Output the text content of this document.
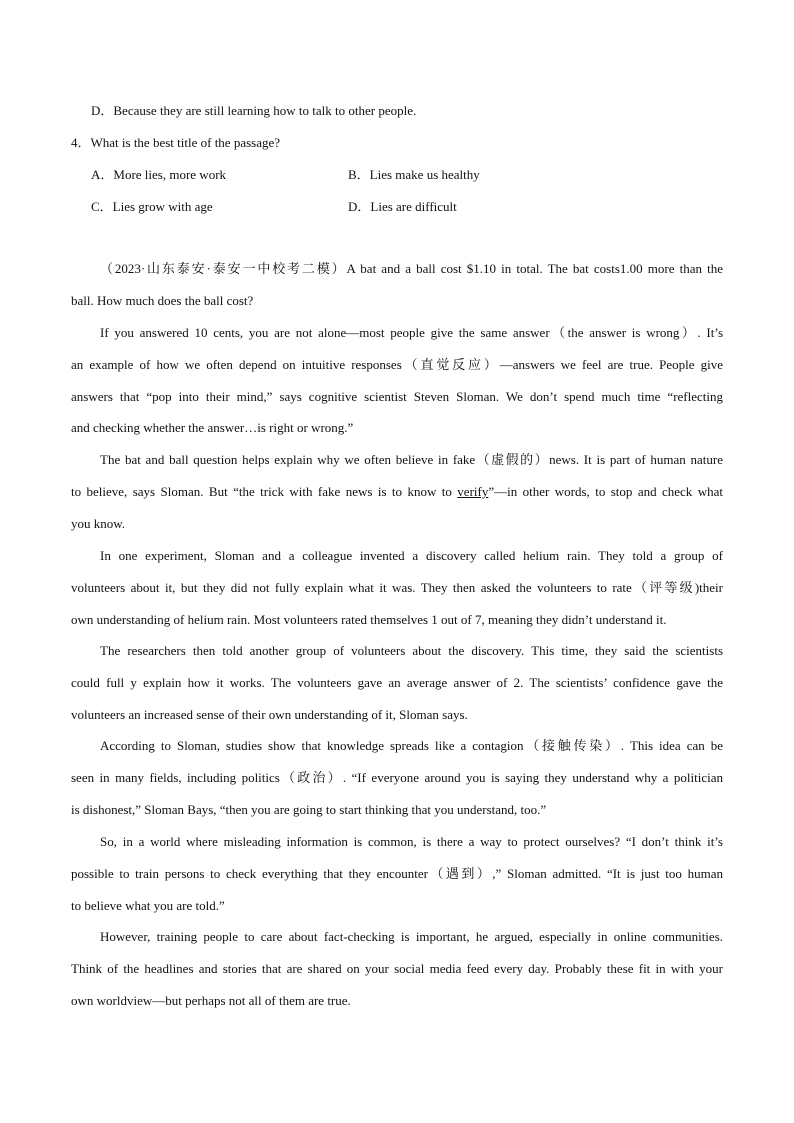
D．Because they are still learning how to talk to other people.
4．What is the best title of the passage?
A．More lies, more work	B．Lies make us healthy
C．Lies grow with age	D．Lies are difficult
（2023·山东泰安·泰安一中校考二模）A bat and a ball cost $1.10 in total. The bat costs1.00 more than the
ball. How much does the ball cost?
If you answered 10 cents, you are not alone—most people give the same answer（the answer is wrong）. It’s
an example of how we often depend on intuitive responses（直觉反应）—answers we feel are true. People give
answers that “pop into their mind,” says cognitive scientist Steven Sloman. We don’t spend much time “reflecting
and checking whether the answer…is right or wrong.”
The bat and ball question helps explain why we often believe in fake（虚假的）news. It is part of human nature
to believe, says Sloman. But “the trick with fake news is to know to verify”—in other words, to stop and check what
you know.
In one experiment, Sloman and a colleague invented a discovery called helium rain. They told a group of
volunteers about it, but they did not fully explain what it was. They then asked the volunteers to rate（评等级)their
own understanding of helium rain. Most volunteers rated themselves 1 out of 7, meaning they didn’t understand it.
The researchers then told another group of volunteers about the discovery. This time, they said the scientists
could full y explain how it works. The volunteers gave an average answer of 2. The scientists’ confidence gave the
volunteers an increased sense of their own understanding of it, Sloman says.
According to Sloman, studies show that knowledge spreads like a contagion（接触传染）. This idea can be
seen in many fields, including politics（政治）. “If everyone around you is saying they understand why a politician
is dishonest,” Sloman Bays, “then you are going to start thinking that you understand, too.”
So, in a world where misleading information is common, is there a way to protect ourselves? “I don’t think it’s
possible to train persons to check everything that they encounter（遇到）,” Sloman admitted. “It is just too human
to believe what you are told.”
However, training people to care about fact-checking is important, he argued, especially in online communities.
Think of the headlines and stories that are shared on your social media feed every day. Probably these fit in with your
own worldview—but perhaps not all of them are true.
